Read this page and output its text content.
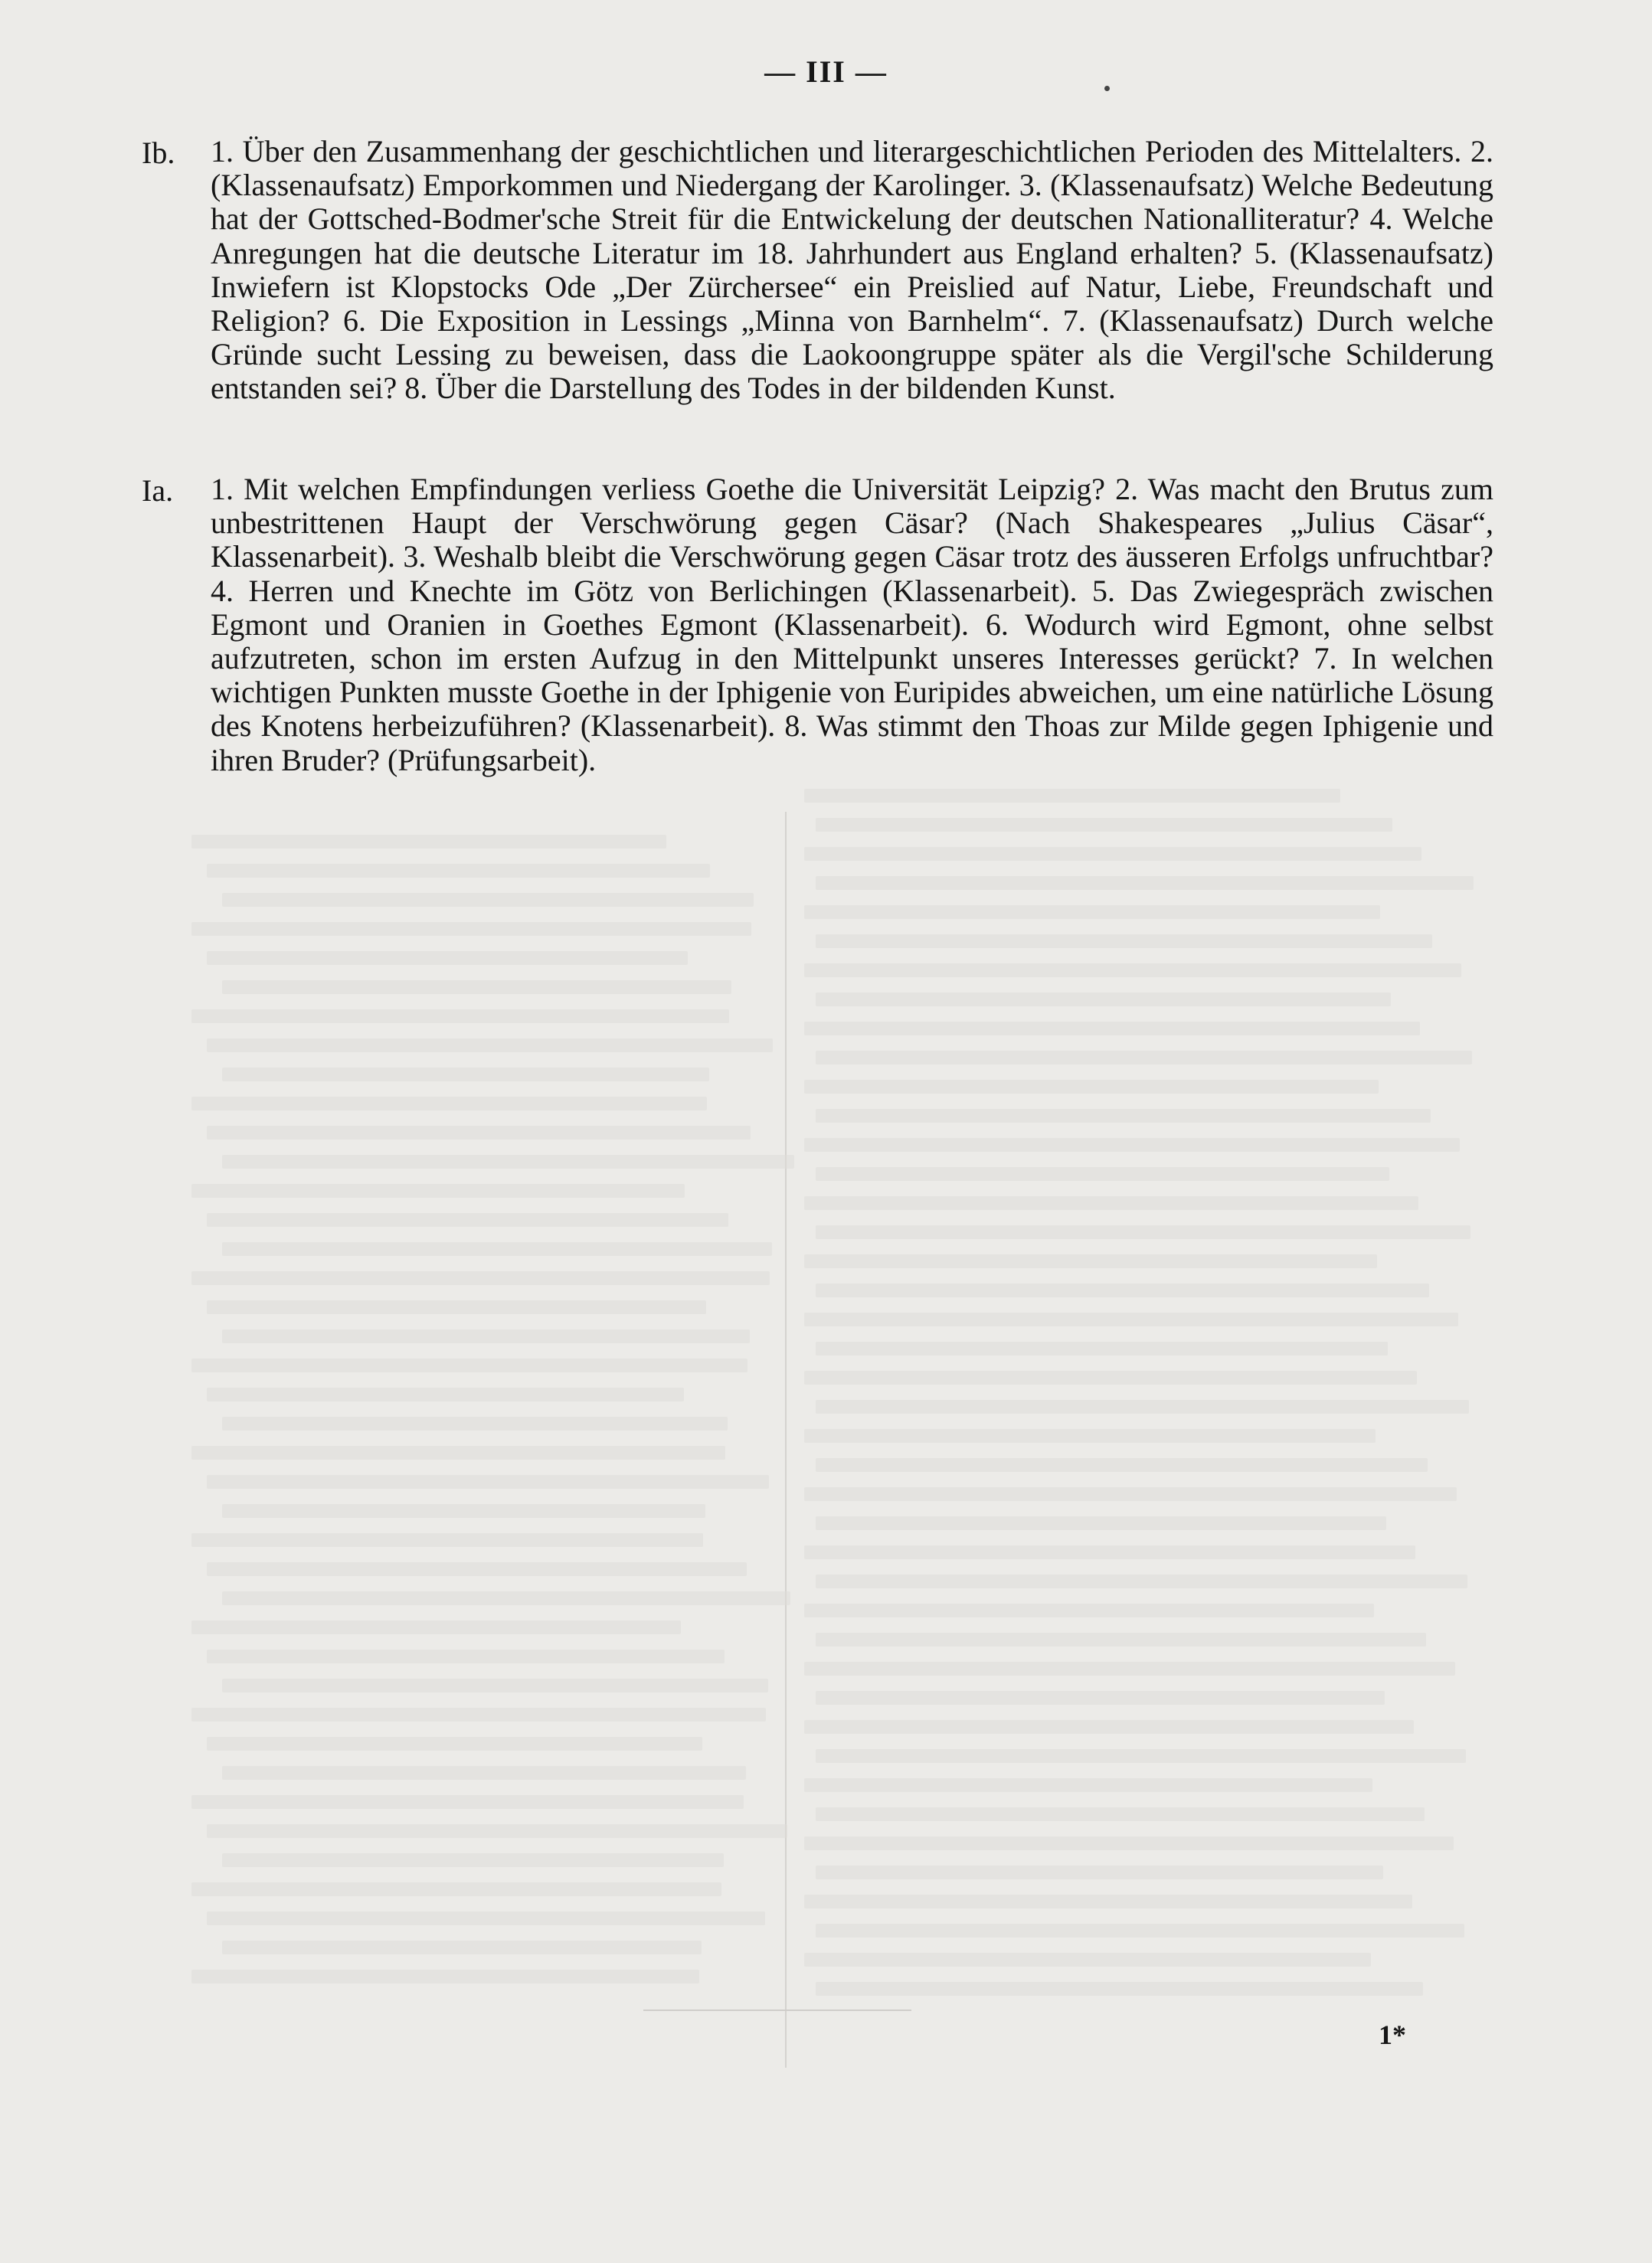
— III —
Ib. 1. Über den Zusammenhang der geschichtlichen und literargeschichtlichen Perioden des Mittelalters. 2. (Klassenaufsatz) Emporkommen und Niedergang der Karolinger. 3. (Klassenaufsatz) Welche Bedeutung hat der Gottsched-Bodmer'sche Streit für die Entwickelung der deutschen Nationalliteratur? 4. Welche Anregungen hat die deutsche Literatur im 18. Jahrhundert aus England erhalten? 5. (Klassenaufsatz) Inwiefern ist Klopstocks Ode „Der Zürchersee“ ein Preislied auf Natur, Liebe, Freundschaft und Religion? 6. Die Exposition in Lessings „Minna von Barnhelm“. 7. (Klassenaufsatz) Durch welche Gründe sucht Lessing zu beweisen, dass die Laokoongruppe später als die Vergil'sche Schilderung entstanden sei? 8. Über die Darstellung des Todes in der bildenden Kunst.
Ia. 1. Mit welchen Empfindungen verliess Goethe die Universität Leipzig? 2. Was macht den Brutus zum unbestrittenen Haupt der Verschwörung gegen Cäsar? (Nach Shakespeares „Julius Cäsar“, Klassenarbeit). 3. Weshalb bleibt die Verschwörung gegen Cäsar trotz des äusseren Erfolgs unfruchtbar? 4. Herren und Knechte im Götz von Berlichingen (Klassenarbeit). 5. Das Zwiegespräch zwischen Egmont und Oranien in Goethes Egmont (Klassenarbeit). 6. Wodurch wird Egmont, ohne selbst aufzutreten, schon im ersten Aufzug in den Mittelpunkt unseres Interesses gerückt? 7. In welchen wichtigen Punkten musste Goethe in der Iphigenie von Euripides abweichen, um eine natürliche Lösung des Knotens herbeizuführen? (Klassenarbeit). 8. Was stimmt den Thoas zur Milde gegen Iphigenie und ihren Bruder? (Prüfungsarbeit).
1*
